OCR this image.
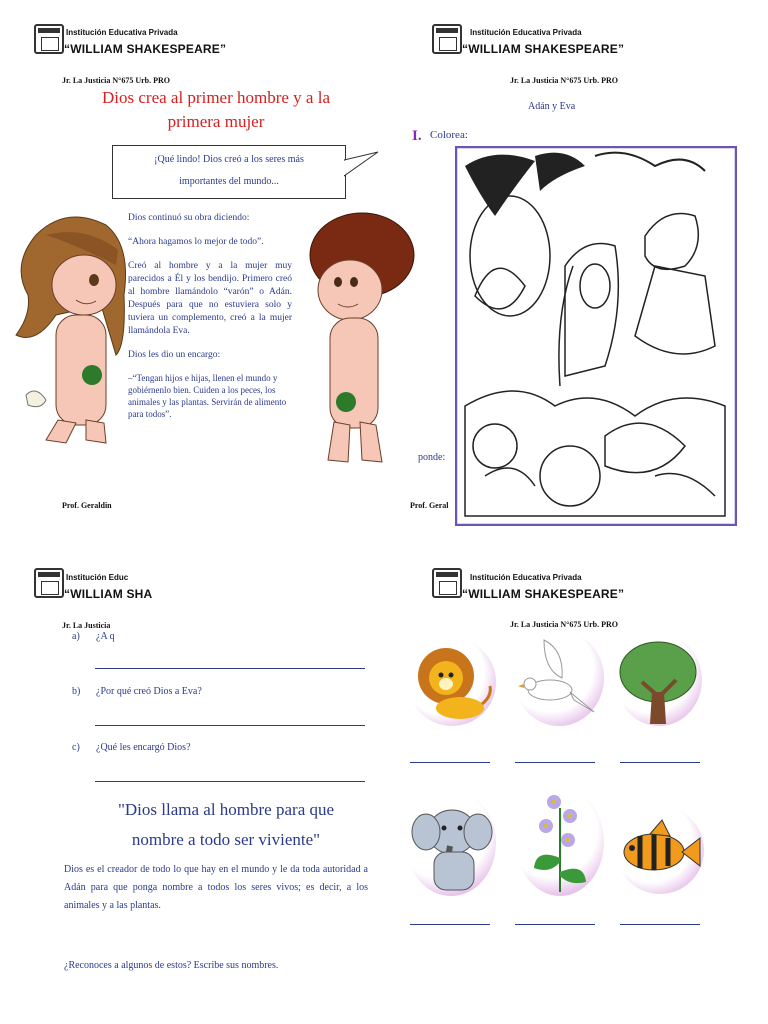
Institución Educativa Privada
“WILLIAM SHAKESPEARE”
Jr. La Justicia N°675 Urb. PRO
Dios crea al primer hombre y a la
primera mujer
¡Qué lindo! Dios creó a los seres más
importantes del mundo...
Dios continuó su obra diciendo:
“Ahora hagamos lo mejor de todo”.
Creó al hombre y a la mujer muy parecidos a Él y los bendijo. Primero creó al hombre llamándolo “varón” o Adán. Después para que no estuviera solo y tuviera un complemento, creó a la mujer llamándola Eva.
Dios les dio un encargo:
–“Tengan hijos e hijas, llenen el mundo y gobiérnenlo bien. Cuiden a los peces, los animales y las plantas. Servirán de alimento para todos”.
Prof. Geraldin
Institución Educativa Privada
“WILLIAM SHAKESPEARE”
Jr. La Justicia N°675 Urb. PRO
Adán y Eva
I. Colorea:
ponde:
Prof. Geral
Institución Educ
“WILLIAM SHA
Jr. La Justicia
a) ¿A q
b) ¿Por qué creó Dios a Eva?
c) ¿Qué les encargó Dios?
"Dios llama al hombre para que
nombre a todo ser viviente"
Dios es el creador de todo lo que hay en el mundo y le da toda autoridad a Adán para que ponga nombre a todos los seres vivos; es decir, a los animales y a las plantas.
¿Reconoces a algunos de estos? Escribe sus nombres.
Institución Educativa Privada
“WILLIAM SHAKESPEARE”
Jr. La Justicia N°675 Urb. PRO
